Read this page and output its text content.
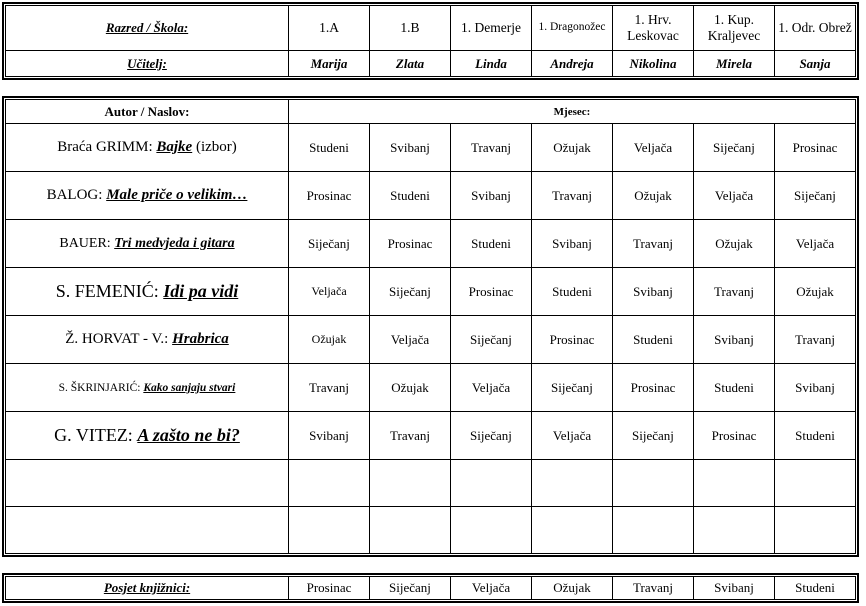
Razred / Škola:	1.A	1.B	1. Demerje	1. Dragonožec	1. Hrv. Leskovac	1. Kup. Kraljevec	1. Odr. Obrež
Učitelj:	Marija	Zlata	Linda	Andreja	Nikolina	Mirela	Sanja
Autor / Naslov:	Mjesec:						
Braća GRIMM: Bajke (izbor)	Studeni	Svibanj	Travanj	Ožujak	Veljača	Siječanj	Prosinac
BALOG: Male priče o velikim…	Prosinac	Studeni	Svibanj	Travanj	Ožujak	Veljača	Siječanj
BAUER: Tri medvjeda i gitara	Siječanj	Prosinac	Studeni	Svibanj	Travanj	Ožujak	Veljača
S. FEMENIĆ: Idi pa vidi	Veljača	Siječanj	Prosinac	Studeni	Svibanj	Travanj	Ožujak
Ž. HORVAT - V.: Hrabrica	Ožujak	Veljača	Siječanj	Prosinac	Studeni	Svibanj	Travanj
S. ŠKRINJARIĆ: Kako sanjaju stvari	Travanj	Ožujak	Veljača	Siječanj	Prosinac	Studeni	Svibanj
G. VITEZ: A zašto ne bi?	Svibanj	Travanj	Siječanj	Veljača	Siječanj	Prosinac	Studeni

Posjet knjižnici:	Prosinac	Siječanj	Veljača	Ožujak	Travanj	Svibanj	Studeni
